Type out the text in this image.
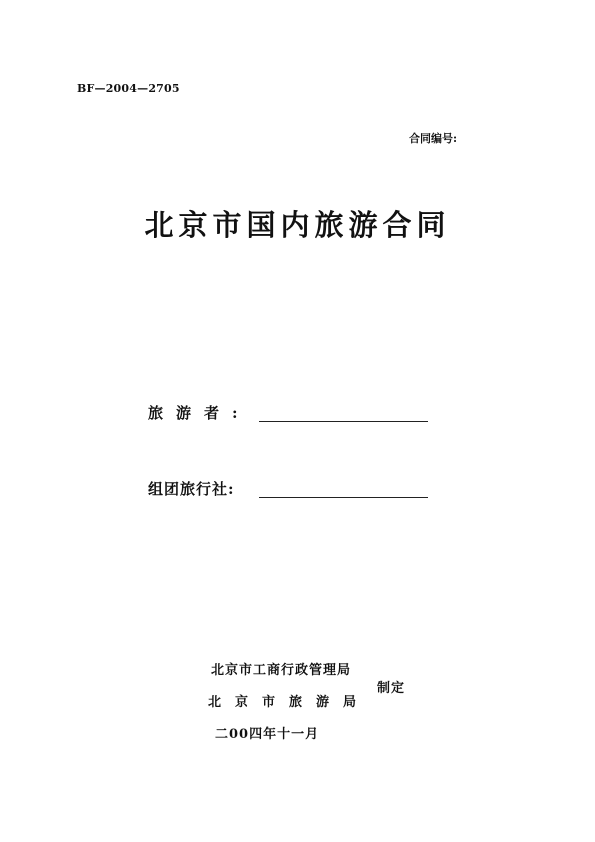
BF—2004—2705
合同编号:
北京市国内旅游合同
旅游者:
组团旅行社:
北京市工商行政管理局
北京市旅游局
制定
二00四年十一月
